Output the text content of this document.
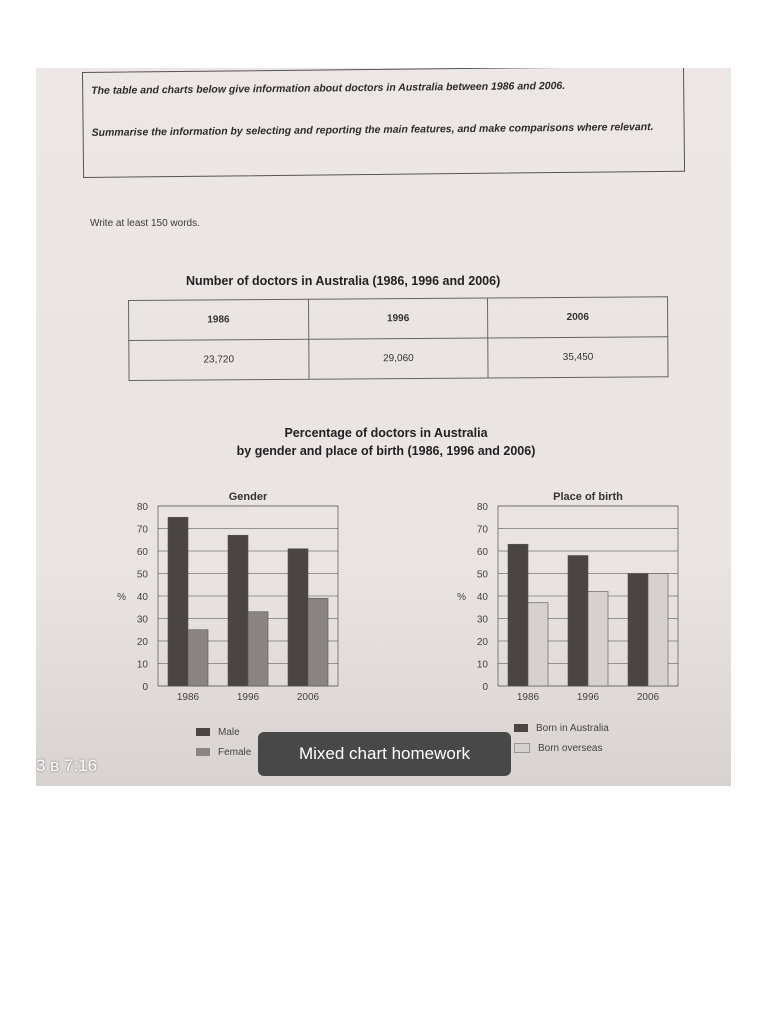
The table and charts below give information about doctors in Australia between 1986 and 2006.

Summarise the information by selecting and reporting the main features, and make comparisons where relevant.

Write at least 150 words.
Number of doctors in Australia (1986, 1996 and 2006)
1986	1996	2006
23,720	29,060	35,450
Percentage of doctors in Australia
by gender and place of birth (1986, 1996 and 2006)
Gender
0
10
20
30
40
50
60
70
80
%
1986	1996	2006
Place of birth
0
10
20
30
40
50
60
70
80
%
1986	1996	2006
Male
Female
Born in Australia
Born overseas
3 в 7:16
Mixed chart homework
